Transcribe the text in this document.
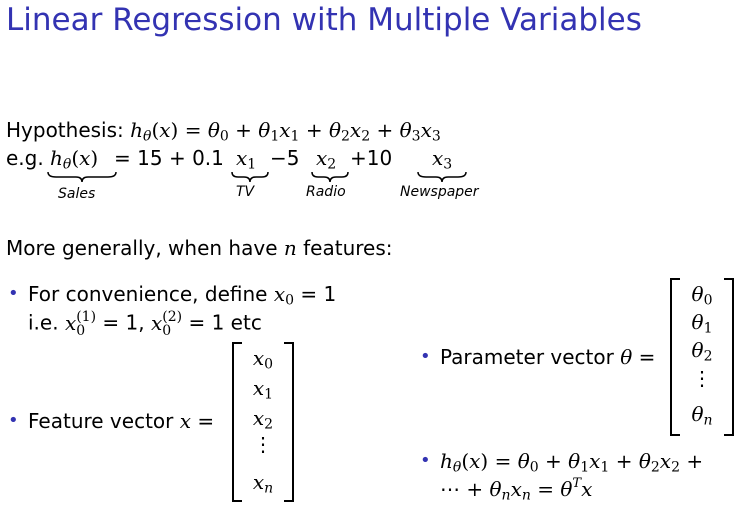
Linear Regression with Multiple Variables
Hypothesis: $h\theta(x) = \theta_0 + \theta_1x_1 + \theta_2x_2 + \theta_3x_3$
e.g. hθ(x) = 15 + 0.1 $x_1 -5$ $x_2 +10$ $x_3$
Sales	TV	Radio	Newspaper
More generally, when have n features:
• For convenience, define $x_0 = 1$
i.e. x (1)
0 = 1, x (2)
0 = 1 etc
• Feature vector x =
$x_0$
$x_1$
$x_2$
⋮
xn
• Parameter vector θ =
$\theta_0$
$\theta_1$
$\theta_2$
⋮
θn
• $h\theta(x) = \theta_0 + \theta_1x_1 + \theta_2x_2$ +
⋯ + $\theta nxn = \theta^Tx$
